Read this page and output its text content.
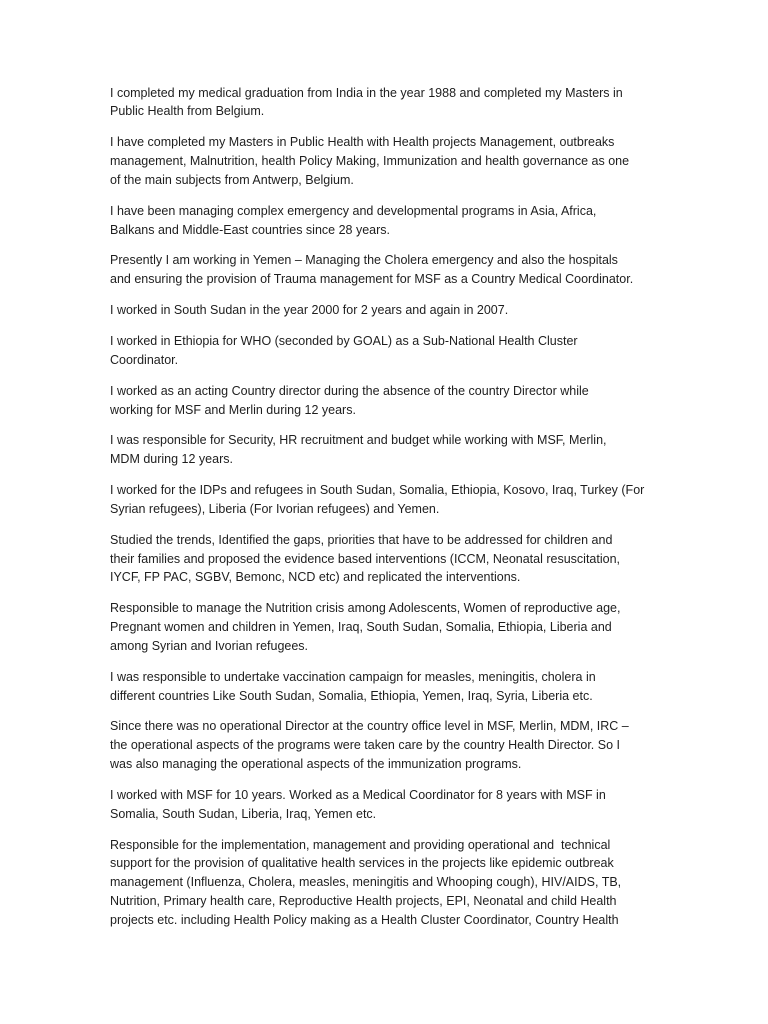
I completed my medical graduation from India in the year 1988 and completed my Masters in
Public Health from Belgium.
I have completed my Masters in Public Health with Health projects Management, outbreaks
management, Malnutrition, health Policy Making, Immunization and health governance as one
of the main subjects from Antwerp, Belgium.
I have been managing complex emergency and developmental programs in Asia, Africa,
Balkans and Middle-East countries since 28 years.
Presently I am working in Yemen – Managing the Cholera emergency and also the hospitals
and ensuring the provision of Trauma management for MSF as a Country Medical Coordinator.
I worked in South Sudan in the year 2000 for 2 years and again in 2007.
I worked in Ethiopia for WHO (seconded by GOAL) as a Sub-National Health Cluster
Coordinator.
I worked as an acting Country director during the absence of the country Director while
working for MSF and Merlin during 12 years.
I was responsible for Security, HR recruitment and budget while working with MSF, Merlin,
MDM during 12 years.
I worked for the IDPs and refugees in South Sudan, Somalia, Ethiopia, Kosovo, Iraq, Turkey (For
Syrian refugees), Liberia (For Ivorian refugees) and Yemen.
Studied the trends, Identified the gaps, priorities that have to be addressed for children and
their families and proposed the evidence based interventions (ICCM, Neonatal resuscitation,
IYCF, FP PAC, SGBV, Bemonc, NCD etc) and replicated the interventions.
Responsible to manage the Nutrition crisis among Adolescents, Women of reproductive age,
Pregnant women and children in Yemen, Iraq, South Sudan, Somalia, Ethiopia, Liberia and
among Syrian and Ivorian refugees.
I was responsible to undertake vaccination campaign for measles, meningitis, cholera in
different countries Like South Sudan, Somalia, Ethiopia, Yemen, Iraq, Syria, Liberia etc.
Since there was no operational Director at the country office level in MSF, Merlin, MDM, IRC –
the operational aspects of the programs were taken care by the country Health Director. So I
was also managing the operational aspects of the immunization programs.
I worked with MSF for 10 years. Worked as a Medical Coordinator for 8 years with MSF in
Somalia, South Sudan, Liberia, Iraq, Yemen etc.
Responsible for the implementation, management and providing operational and  technical
support for the provision of qualitative health services in the projects like epidemic outbreak
management (Influenza, Cholera, measles, meningitis and Whooping cough), HIV/AIDS, TB,
Nutrition, Primary health care, Reproductive Health projects, EPI, Neonatal and child Health
projects etc. including Health Policy making as a Health Cluster Coordinator, Country Health
